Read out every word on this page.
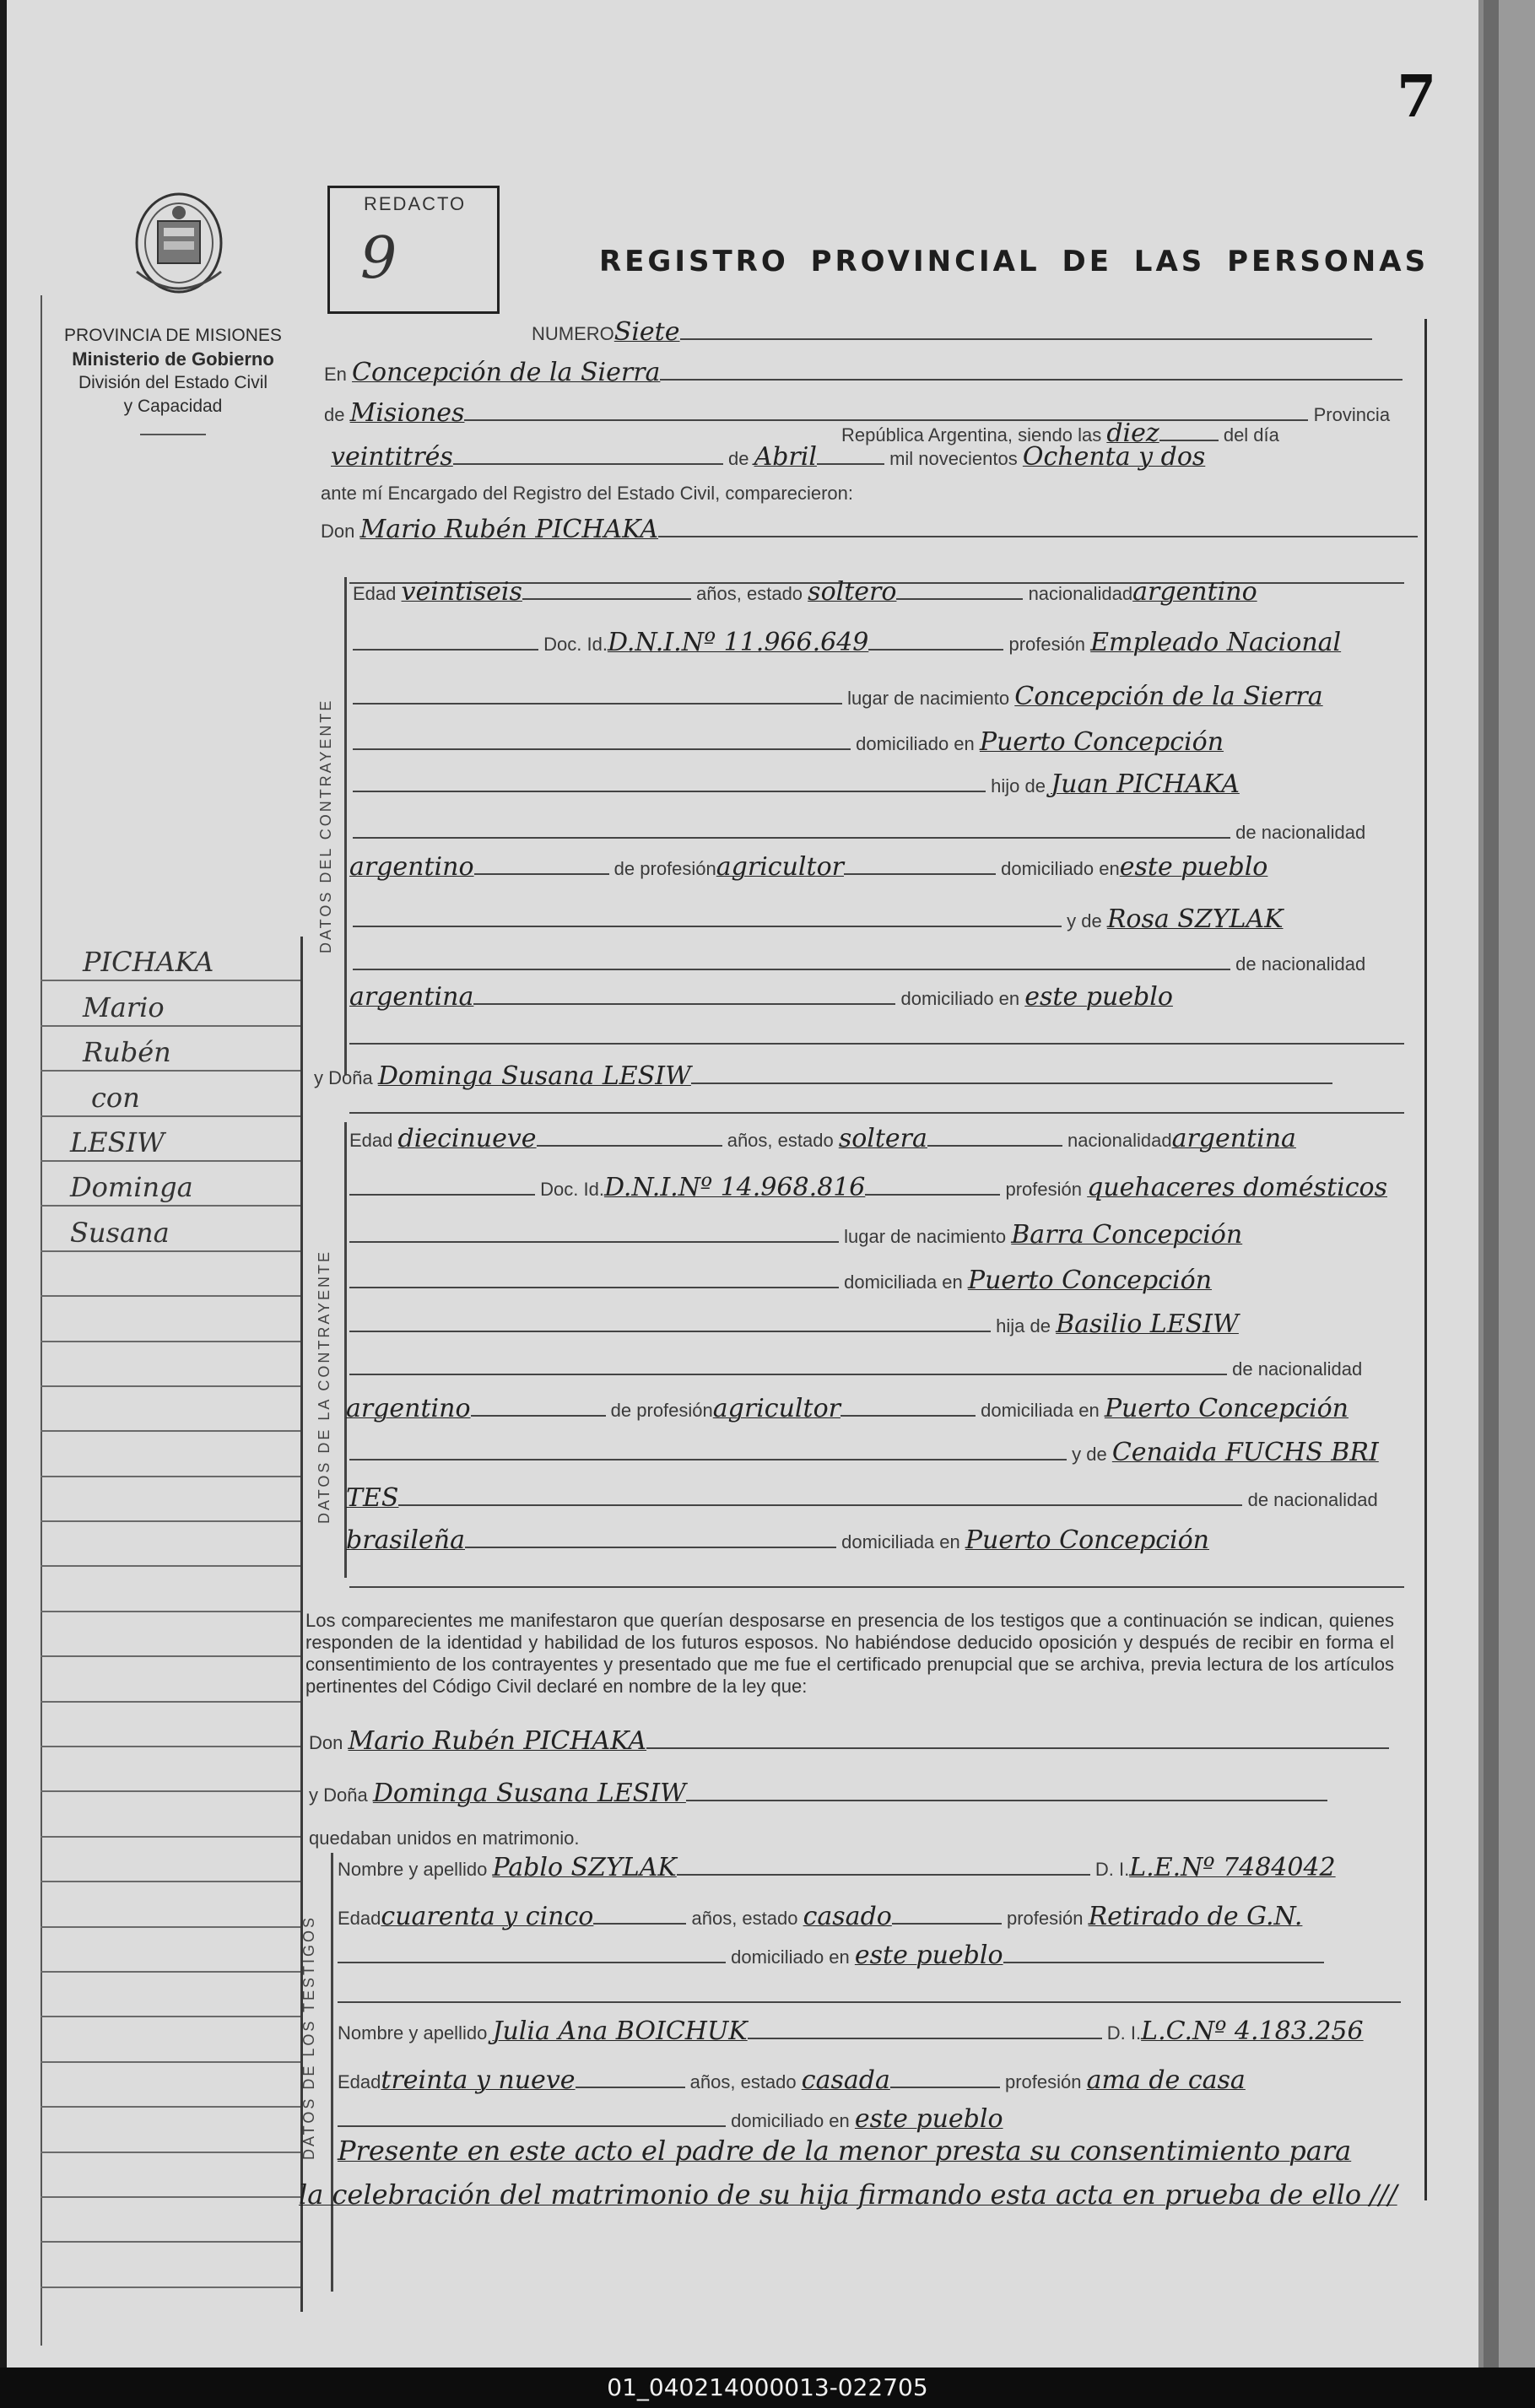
7
PROVINCIA DE MISIONES
Ministerio de Gobierno
División del Estado Civil
y Capacidad
PICHAKA
Mario
Rubén
con
LESIW
Dominga
Susana
REDACTO
9	REGISTRO PROVINCIAL DE LAS PERSONAS
NUMEROSiete
En Concepción de la Sierra
de Misiones	Provincia
República Argentina, siendo las diez	del día
veintitrés	de Abril	mil novecientos Ochenta y dos
ante mí Encargado del Registro del Estado Civil, comparecieron:
Don Mario Rubén PICHAKA
DATOS DEL CONTRAYENTE
Edad veintiseis	años, estado soltero	nacionalidadargentino
Doc. Id.D.N.I.Nº 11.966.649	profesión Empleado Nacional
lugar de nacimiento Concepción de la Sierra
domiciliado en Puerto Concepción
hijo de Juan PICHAKA
de nacionalidad
argentino	de profesiónagricultor	domiciliado eneste pueblo
y de Rosa SZYLAK
de nacionalidad
argentina	domiciliado en este pueblo
y Doña Dominga Susana LESIW
DATOS DE LA CONTRAYENTE
Edad diecinueve	años, estado soltera	nacionalidadargentina
Doc. Id.D.N.I.Nº 14.968.816	profesión quehaceres domésticos
lugar de nacimiento Barra Concepción
domiciliada en Puerto Concepción
hija de Basilio LESIW
de nacionalidad
argentino	de profesiónagricultor	domiciliada en Puerto Concepción
y de Cenaida FUCHS BRI
TES	de nacionalidad
brasileña	domiciliada en Puerto Concepción
Los comparecientes me manifestaron que querían desposarse en presencia de los testigos que a continuación se indican, quienes responden de la identidad y habilidad de los futuros esposos. No habiéndose deducido oposición y después de recibir en forma el consentimiento de los contrayentes y presentado que me fue el certificado prenupcial que se archiva, previa lectura de los artículos pertinentes del Código Civil declaré en nombre de la ley que:
Don Mario Rubén PICHAKA
y Doña Dominga Susana LESIW
quedaban unidos en matrimonio.
DATOS DE LOS TESTIGOS
Nombre y apellido Pablo SZYLAK	D. I.L.E.Nº 7484042
Edadcuarenta y cinco	años, estado casado	profesión Retirado de G.N.
domiciliado en este pueblo
Nombre y apellido Julia Ana BOICHUK	D. I.L.C.Nº 4.183.256
Edadtreinta y nueve	años, estado casada	profesión ama de casa
domiciliado en este pueblo
Presente en este acto el padre de la menor presta su consentimiento para
la celebración del matrimonio de su hija firmando esta acta en prueba de ello ///
01_040214000013-022705
